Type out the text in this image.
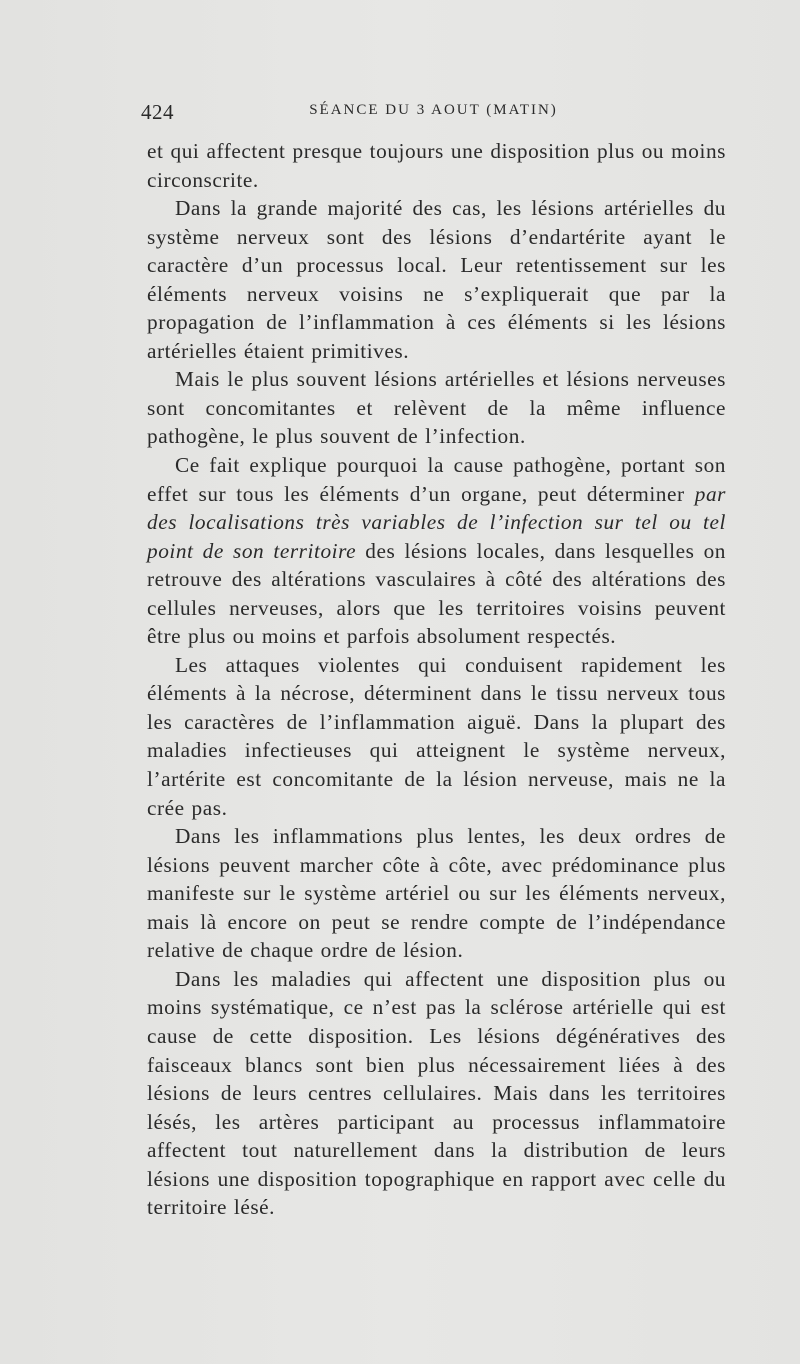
424	SÉANCE DU 3 AOUT (MATIN)

et qui affectent presque toujours une disposition plus ou moins circonscrite.

Dans la grande majorité des cas, les lésions artérielles du système nerveux sont des lésions d’endartérite ayant le caractère d’un processus local. Leur retentissement sur les éléments nerveux voisins ne s’expliquerait que par la propagation de l’inflammation à ces éléments si les lésions artérielles étaient primitives.

Mais le plus souvent lésions artérielles et lésions nerveuses sont concomitantes et relèvent de la même influence pathogène, le plus souvent de l’infection.

Ce fait explique pourquoi la cause pathogène, portant son effet sur tous les éléments d’un organe, peut déterminer par des localisations très variables de l’infection sur tel ou tel point de son territoire des lésions locales, dans lesquelles on retrouve des altérations vasculaires à côté des altérations des cellules nerveuses, alors que les territoires voisins peuvent être plus ou moins et parfois absolument respectés.

Les attaques violentes qui conduisent rapidement les éléments à la nécrose, déterminent dans le tissu nerveux tous les caractères de l’inflammation aiguë. Dans la plupart des maladies infectieuses qui atteignent le système nerveux, l’artérite est concomitante de la lésion nerveuse, mais ne la crée pas.

Dans les inflammations plus lentes, les deux ordres de lésions peuvent marcher côte à côte, avec prédominance plus manifeste sur le système artériel ou sur les éléments nerveux, mais là encore on peut se rendre compte de l’indépendance relative de chaque ordre de lésion.

Dans les maladies qui affectent une disposition plus ou moins systématique, ce n’est pas la sclérose artérielle qui est cause de cette disposition. Les lésions dégénératives des faisceaux blancs sont bien plus nécessairement liées à des lésions de leurs centres cellulaires. Mais dans les territoires lésés, les artères participant au processus inflammatoire affectent tout naturellement dans la distribution de leurs lésions une disposition topographique en rapport avec celle du territoire lésé.
